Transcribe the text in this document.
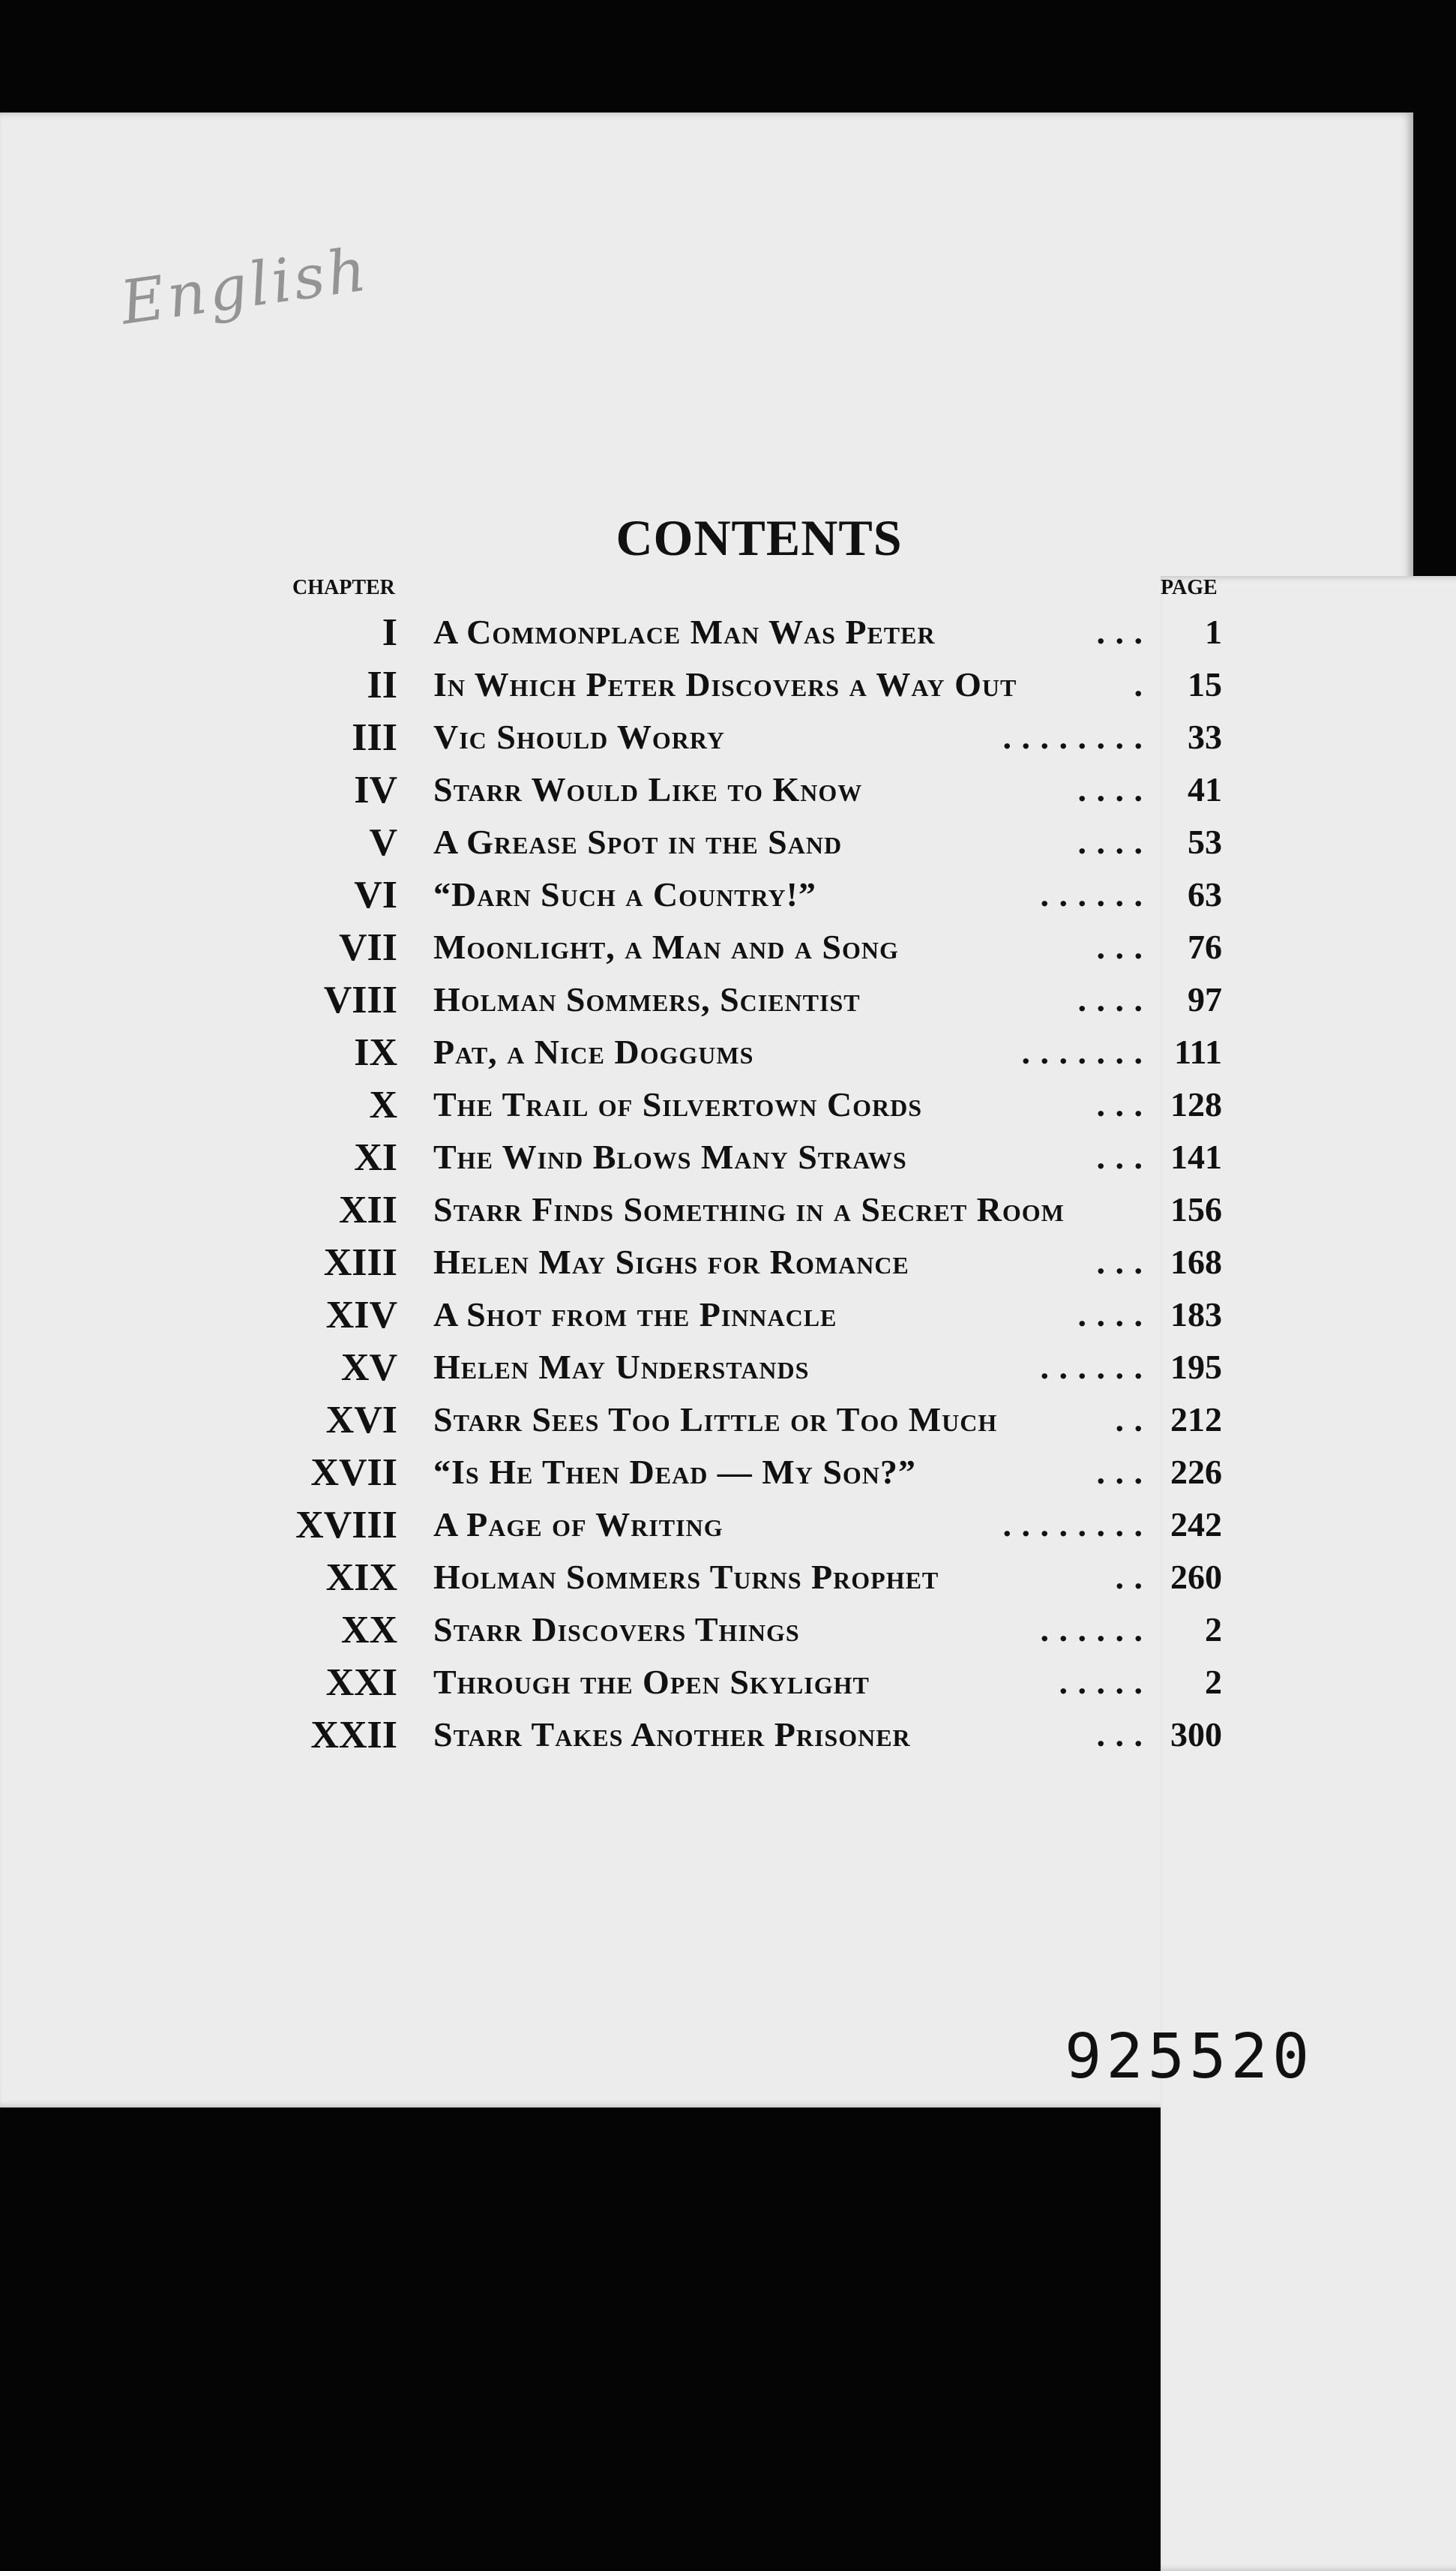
English
CONTENTS
CHAPTER	PAGE
I A Commonplace Man Was Peter	. . . 1
II In Which Peter Discovers a Way Out	. 15
III Vic Should Worry	. . . . . . . . 33
IV Starr Would Like to Know	. . . . 41
V A Grease Spot in the Sand	. . . . 53
VI “Darn Such a Country!”	. . . . . . 63
VII Moonlight, a Man and a Song	. . . 76
VIII Holman Sommers, Scientist	. . . . 97
IX Pat, a Nice Doggums	. . . . . . . 111
X The Trail of Silvertown Cords	. . . 128
XI The Wind Blows Many Straws	. . . 141
XII Starr Finds Something in a Secret Room	156
XIII Helen May Sighs for Romance	. . . 168
XIV A Shot from the Pinnacle	. . . . 183
XV Helen May Understands	. . . . . . 195
XVI Starr Sees Too Little or Too Much	. . 212
XVII “Is He Then Dead — My Son?”	. . . 226
XVIII A Page of Writing	. . . . . . . . 242
XIX Holman Sommers Turns Prophet	. . 260
XX Starr Discovers Things	. . . . . . 2
XXI Through the Open Skylight	. . . . . 2
XXII Starr Takes Another Prisoner	. . . 300
925520
